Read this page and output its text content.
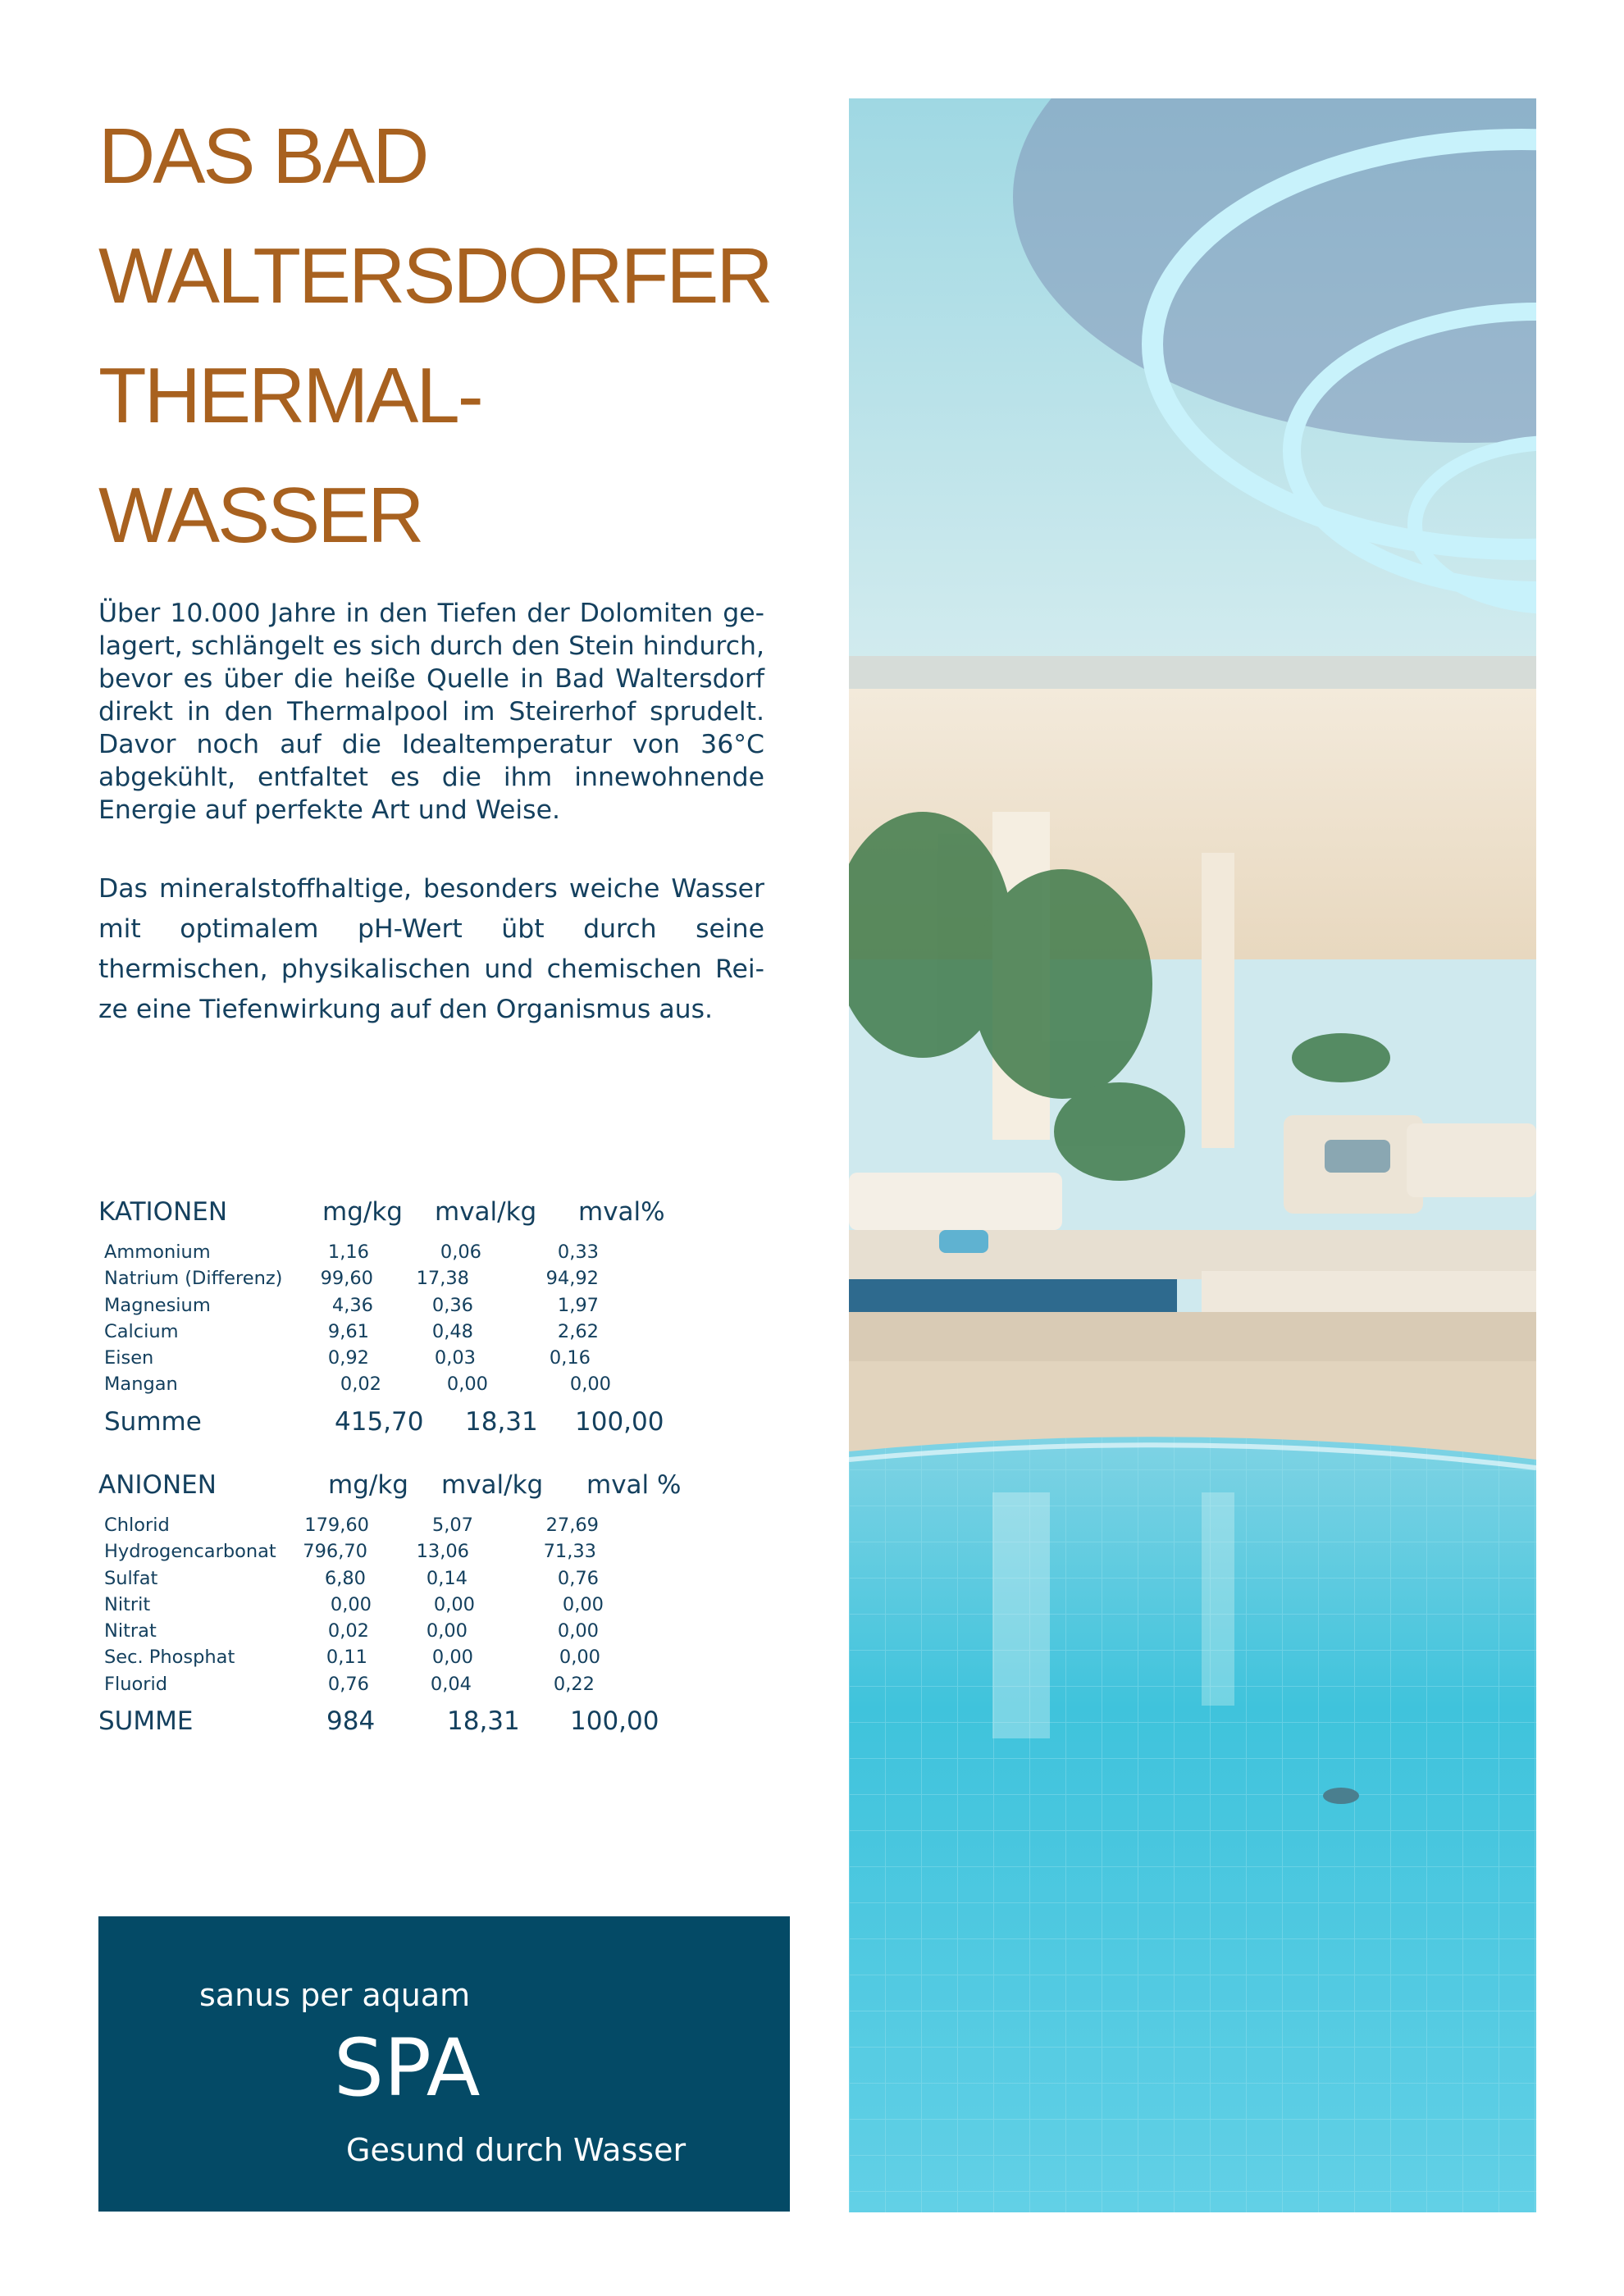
DAS BAD
WALTERSDORFER
THERMAL-
WASSER

Über 10.000 Jahre in den Tiefen der Dolomiten ge-lagert, schlängelt es sich durch den Stein hindurch, bevor es über die heiße Quelle in Bad Waltersdorf direkt in den Thermalpool im Steirerhof sprudelt. Davor noch auf die Idealtemperatur von 36°C abgekühlt, entfaltet es die ihm innewohnende Energie auf perfekte Art und Weise.

Das mineralstoffhaltige, besonders weiche Wasser mit optimalem pH-Wert übt durch seine thermischen, physikalischen und chemischen Rei-ze eine Tiefenwirkung auf den Organismus aus.

KATIONEN	mg/kg mval/kg mval%
Ammonium	1,16	0,06	0,33
Natrium (Differenz) 99,60 17,38	94,92
Magnesium	4,36	0,36	1,97
Calcium	9,61	0,48	2,62
Eisen	0,92	0,03	0,16
Mangan	0,02	0,00	0,00
Summe	415,70 18,31 100,00
ANIONEN	mg/kg mval/kg mval %
Chlorid	179,60	5,07	27,69
Hydrogencarbonat 796,70	13,06	71,33
Sulfat	6,80	0,14	0,76
Nitrit	0,00	0,00	0,00
Nitrat	0,02	0,00	0,00
Sec. Phosphat	0,11	0,00	0,00
Fluorid	0,76	0,04	0,22
SUMME	984	18,31 100,00
sanus per aquam
SPA
Gesund durch Wasser
